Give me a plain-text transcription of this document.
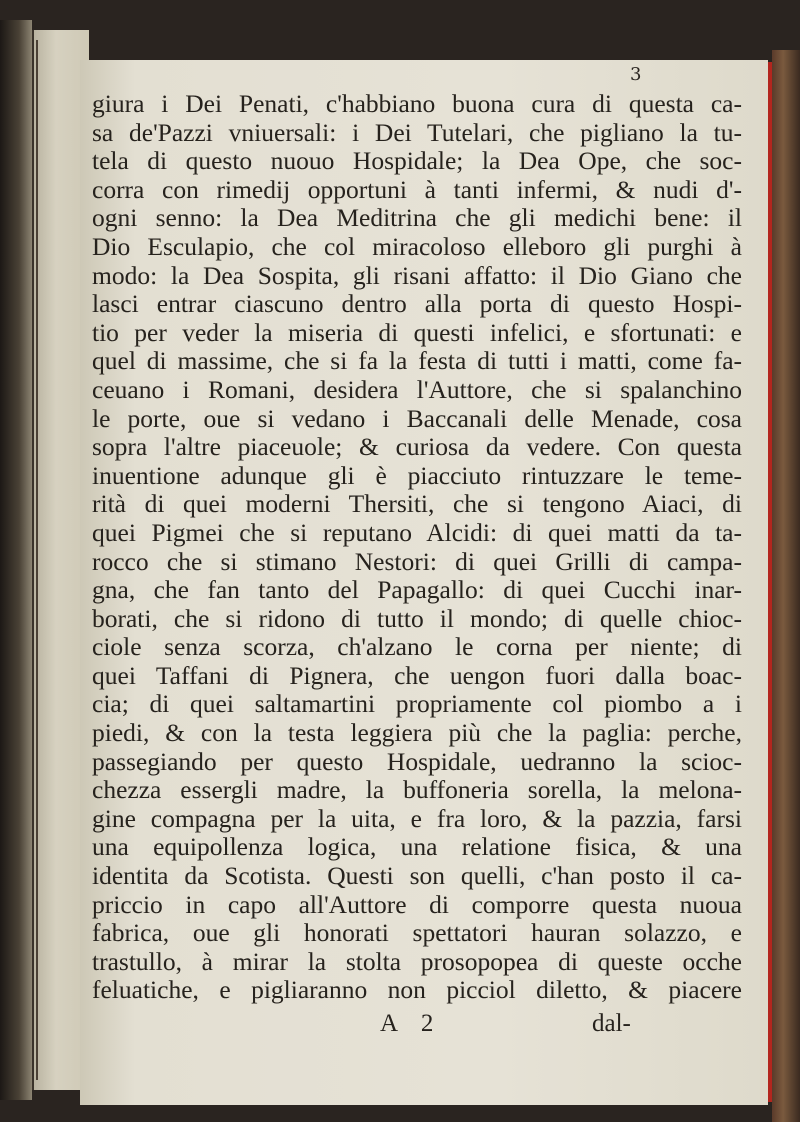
3
giura i Dei Penati, c'habbiano buona cura di questa ca-
sa de'Pazzi vniuersali: i Dei Tutelari, che pigliano la tu-
tela di questo nuouo Hospidale; la Dea Ope, che soc-
corra con rimedij opportuni à tanti infermi, & nudi d'-
ogni senno: la Dea Meditrina che gli medichi bene: il
Dio Esculapio, che col miracoloso elleboro gli purghi à
modo: la Dea Sospita, gli risani affatto: il Dio Giano che
lasci entrar ciascuno dentro alla porta di questo Hospi-
tio per veder la miseria di questi infelici, e sfortunati: e
quel di massime, che si fa la festa di tutti i matti, come fa-
ceuano i Romani, desidera l'Auttore, che si spalanchino
le porte, oue si vedano i Baccanali delle Menade, cosa
sopra l'altre piaceuole; & curiosa da vedere. Con questa
inuentione adunque gli è piacciuto rintuzzare le teme-
rità di quei moderni Thersiti, che si tengono Aiaci, di
quei Pigmei che si reputano Alcidi: di quei matti da ta-
rocco che si stimano Nestori: di quei Grilli di campa-
gna, che fan tanto del Papagallo: di quei Cucchi inar-
borati, che si ridono di tutto il mondo; di quelle chioc-
ciole senza scorza, ch'alzano le corna per niente; di
quei Taffani di Pignera, che uengon fuori dalla boac-
cia; di quei saltamartini propriamente col piombo a i
piedi, & con la testa leggiera più che la paglia: perche,
passegiando per questo Hospidale, uedranno la scioc-
chezza essergli madre, la buffoneria sorella, la melona-
gine compagna per la uita, e fra loro, & la pazzia, farsi
una equipollenza logica, una relatione fisica, & una
identita da Scotista. Questi son quelli, c'han posto il ca-
priccio in capo all'Auttore di comporre questa nuoua
fabrica, oue gli honorati spettatori hauran solazzo, e
trastullo, à mirar la stolta prosopopea di queste ocche
feluatiche, e pigliaranno non picciol diletto, & piacere
A 2	dal-
